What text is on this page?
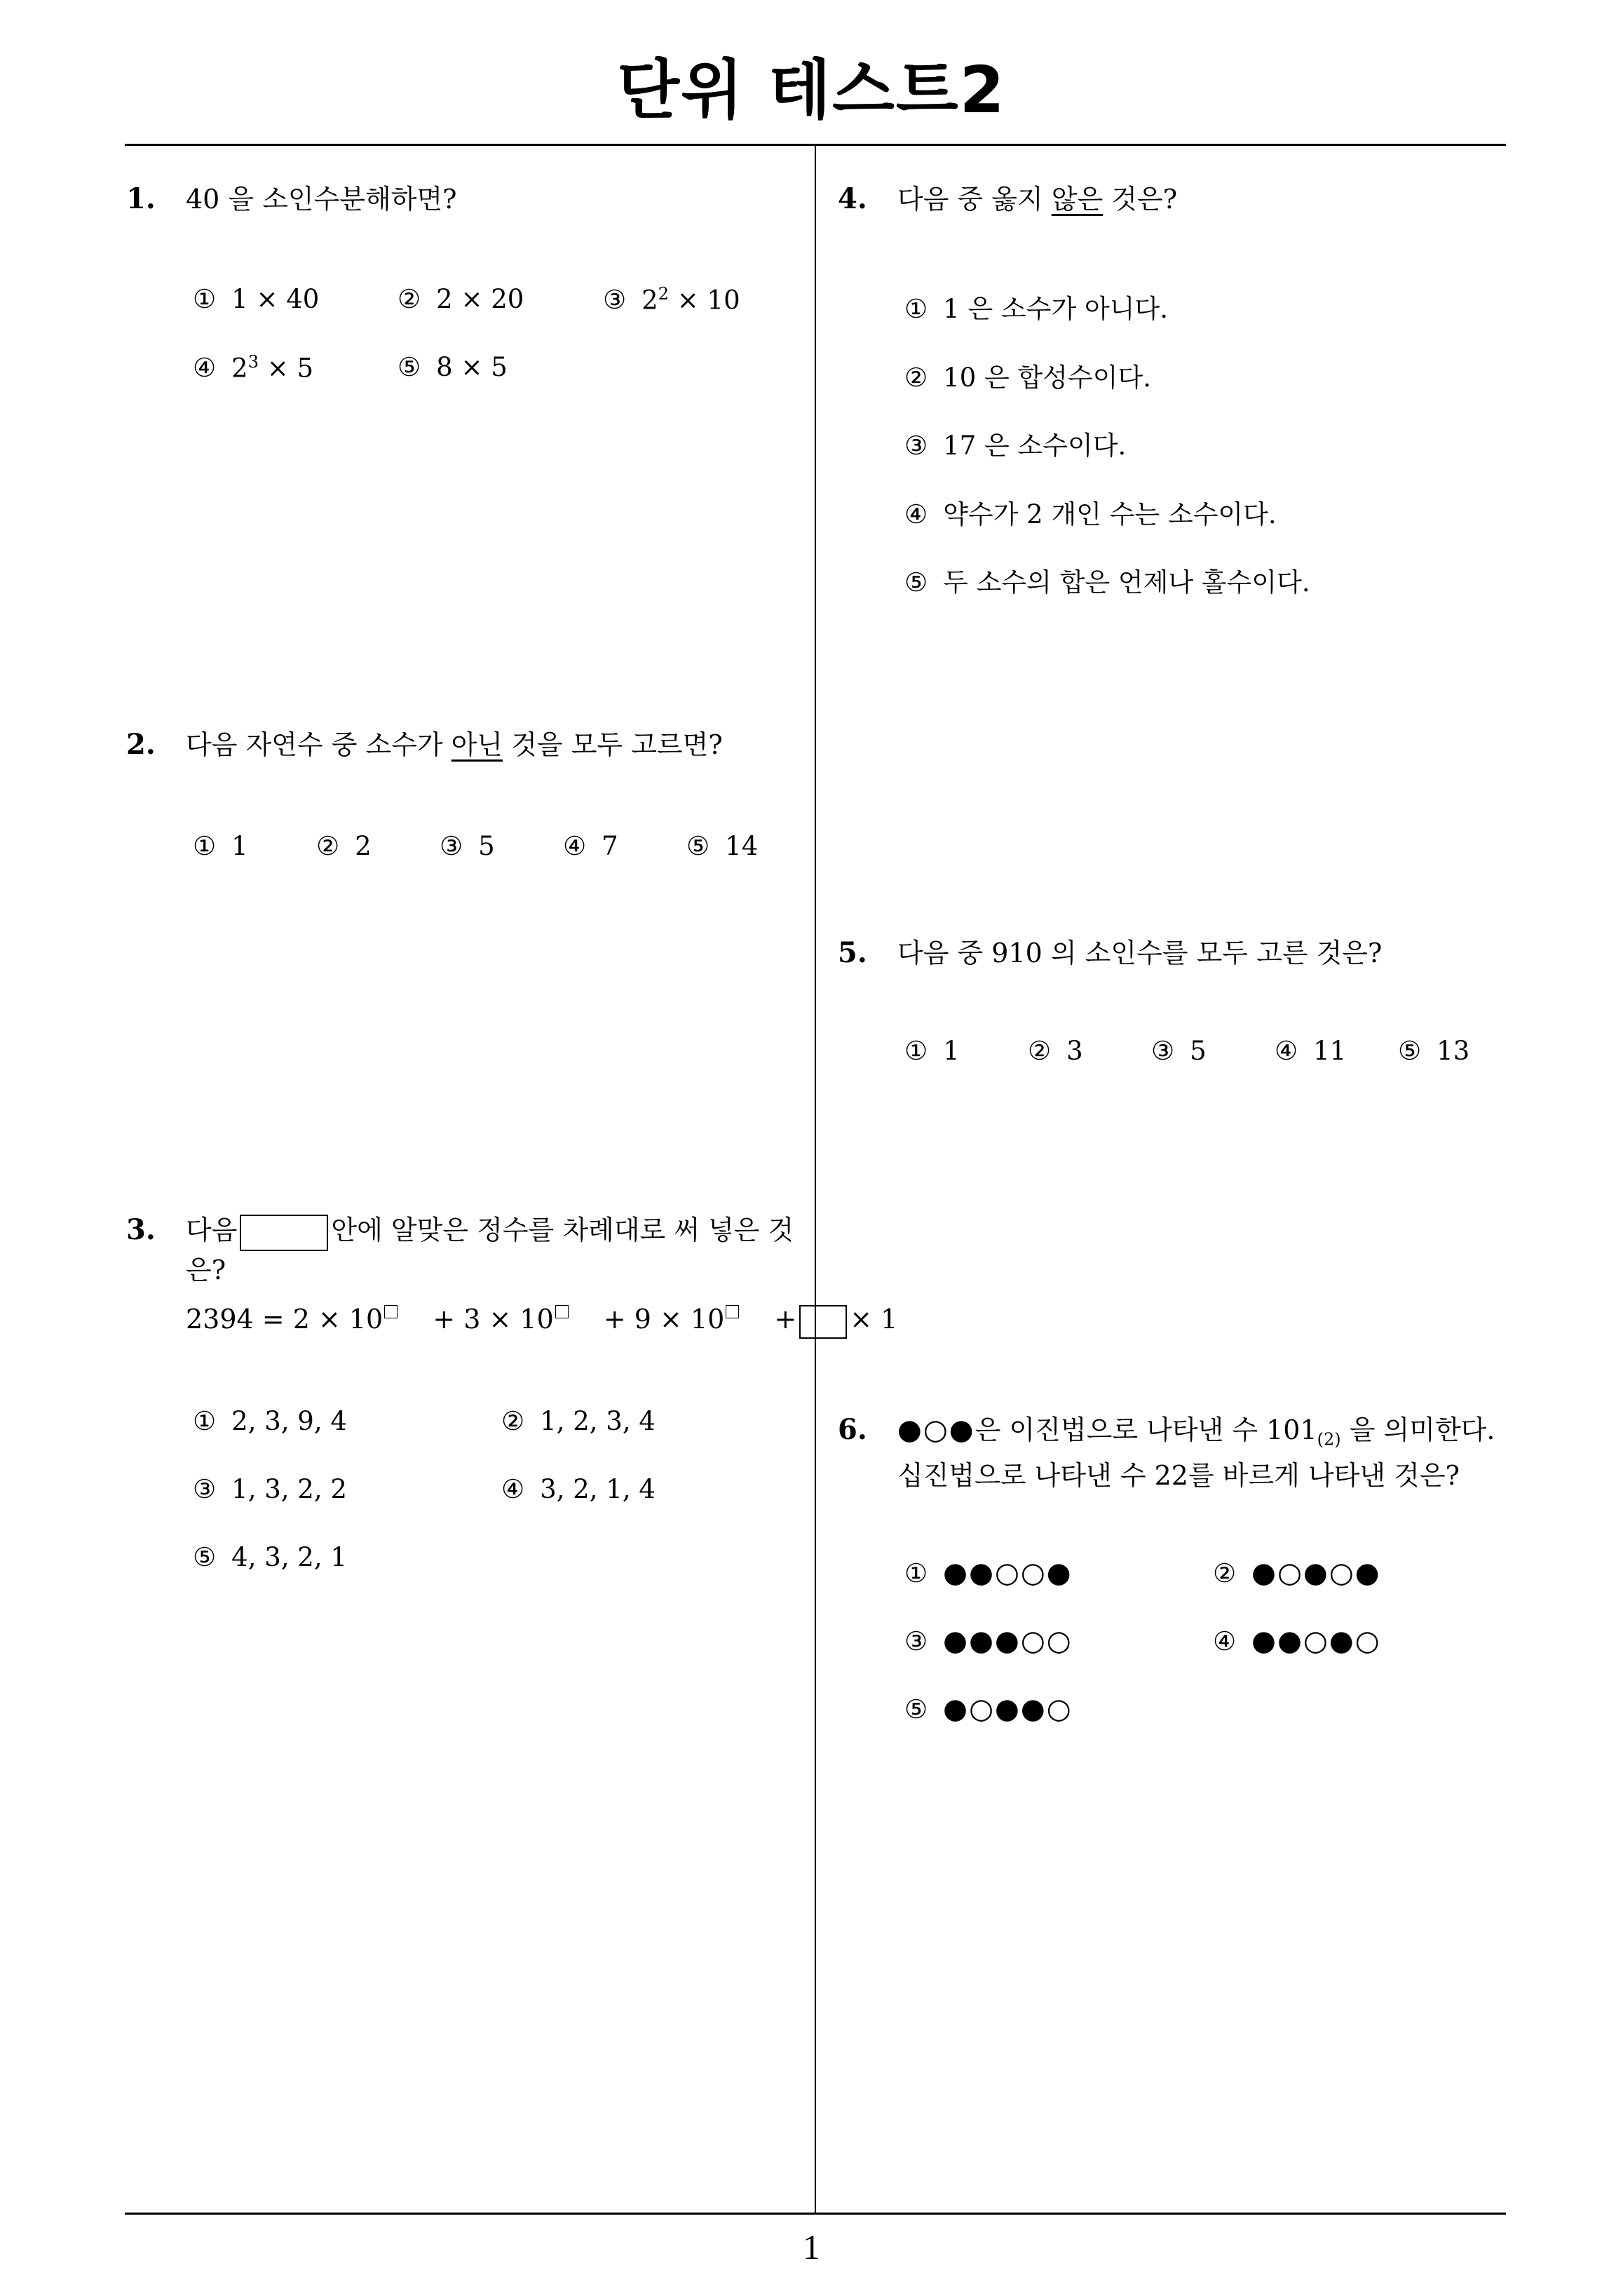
단위 테스트2
1
1. 40 을 소인수분해하면?
① 1 × 40	② 2 × 20	③ $2^2 \times 10$
④ $2^3 \times 5$	⑤ 8 × 5
2. 다음 자연수 중 소수가 아닌 것을 모두 고르면?
① 1	② 2	③ 5	④ 7	⑤ 14
3. 다음	안에 알맞은 정수를 차례대로 써 넣은 것
은?
2394 = 2 × 10 + 3 × 10 + 9 × 10 + × 1
① 2, 3, 9, 4	② 1, 2, 3, 4
③ 1, 3, 2, 2	④ 3, 2, 1, 4
⑤ 4, 3, 2, 1
4. 다음 중 옳지 않은 것은?
① 1 은 소수가 아니다.
② 10 은 합성수이다.
③ 17 은 소수이다.
④ 약수가 2 개인 수는 소수이다.
⑤ 두 소수의 합은 언제나 홀수이다.
5. 다음 중 910 의 소인수를 모두 고른 것은?
① 1	② 3	③ 5	④ 11 ⑤ 13
6. ●○●은 이진법으로 나타낸 수 $101_{(2)}$ 을 의미한다.
십진법으로 나타낸 수 22를 바르게 나타낸 것은?
① ●●○○●	② ●○●○●
③ ●●●○○	④ ●●○●○
⑤ ●○●●○
